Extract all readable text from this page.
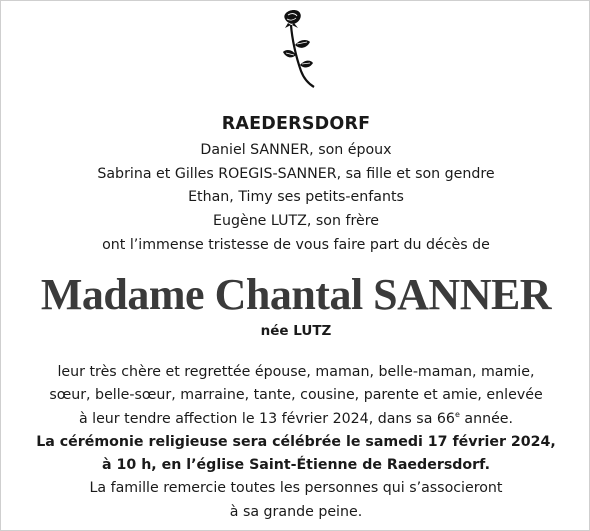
RAEDERSDORF
Daniel SANNER, son époux
Sabrina et Gilles ROEGIS-SANNER, sa fille et son gendre
Ethan, Timy ses petits-enfants
Eugène LUTZ, son frère
ont l’immense tristesse de vous faire part du décès de
Madame Chantal SANNER
née LUTZ
leur très chère et regrettée épouse, maman, belle-maman, mamie,
sœur, belle-sœur, marraine, tante, cousine, parente et amie, enlevée
à leur tendre affection le 13 février 2024, dans sa 66e année.
La cérémonie religieuse sera célébrée le samedi 17 février 2024,
à 10 h, en l’église Saint-Étienne de Raedersdorf.
La famille remercie toutes les personnes qui s’associeront
à sa grande peine.
